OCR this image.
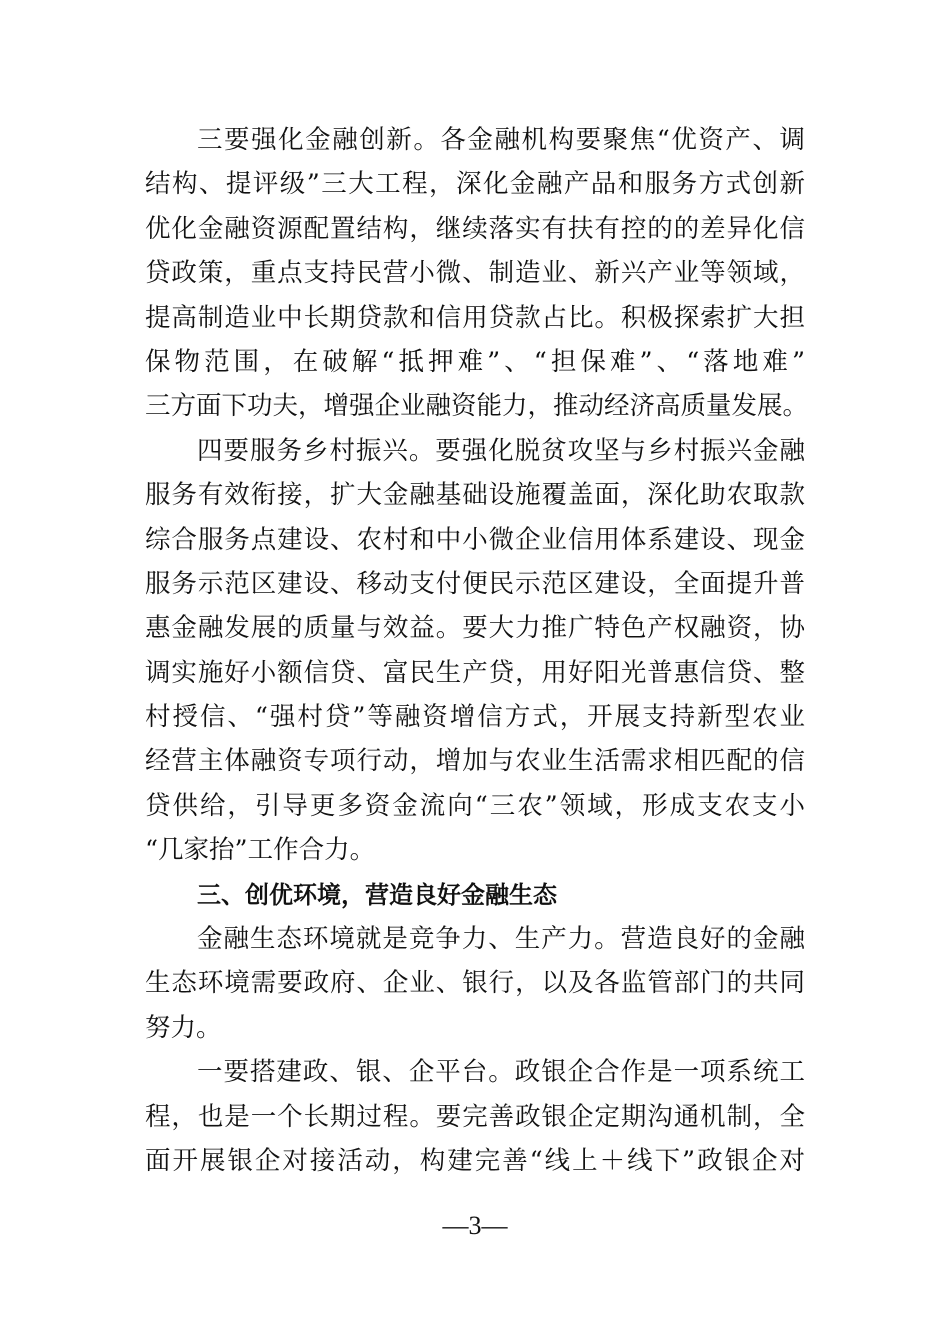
三要强化金融创新。各金融机构要聚焦“优资产、调
结构、提评级”三大工程，深化金融产品和服务方式创新
优化金融资源配置结构，继续落实有扶有控的的差异化信
贷政策，重点支持民营小微、制造业、新兴产业等领域，
提高制造业中长期贷款和信用贷款占比。积极探索扩大担
保物范围，在破解“抵押难”、“担保难”、“落地难”
三方面下功夫，增强企业融资能力，推动经济高质量发展。
四要服务乡村振兴。要强化脱贫攻坚与乡村振兴金融
服务有效衔接，扩大金融基础设施覆盖面，深化助农取款
综合服务点建设、农村和中小微企业信用体系建设、现金
服务示范区建设、移动支付便民示范区建设，全面提升普
惠金融发展的质量与效益。要大力推广特色产权融资，协
调实施好小额信贷、富民生产贷，用好阳光普惠信贷、整
村授信、“强村贷”等融资增信方式，开展支持新型农业
经营主体融资专项行动，增加与农业生活需求相匹配的信
贷供给，引导更多资金流向“三农”领域，形成支农支小
“几家抬”工作合力。
三、创优环境，营造良好金融生态
金融生态环境就是竞争力、生产力。营造良好的金融
生态环境需要政府、企业、银行，以及各监管部门的共同
努力。
一要搭建政、银、企平台。政银企合作是一项系统工
程，也是一个长期过程。要完善政银企定期沟通机制，全
面开展银企对接活动，构建完善“线上＋线下”政银企对
—3—
